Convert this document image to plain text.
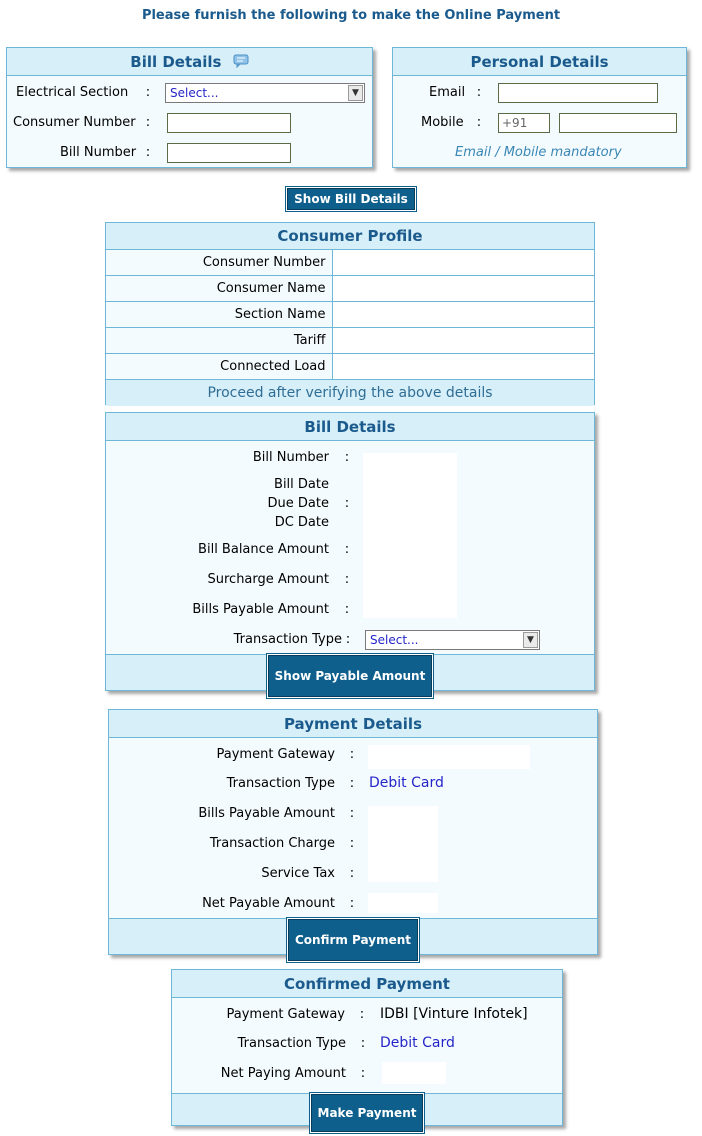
Please furnish the following to make the Online Payment
Bill Details
Electrical Section :	Select...	▼
Consumer Number :
Bill Number :
Personal Details
Email :
Mobile :	+91
Email / Mobile mandatory
Show Bill Details
Consumer Profile
Consumer Number	
Consumer Name	
Section Name	
Tariff	
Connected Load	
Proceed after verifying the above details	
Bill Details
Bill Number :
Bill Date
Due Date :
DC Date
Bill Balance Amount :
Surcharge Amount :
Bills Payable Amount :
Transaction Type :	Select...	▼
Show Payable Amount
Payment Details
Payment Gateway :
Transaction Type : Debit Card
Bills Payable Amount :
Transaction Charge :
Service Tax :
Net Payable Amount :
Confirm Payment
Confirmed Payment
Payment Gateway : IDBI [Vinture Infotek]
Transaction Type : Debit Card
Net Paying Amount :
Make Payment
